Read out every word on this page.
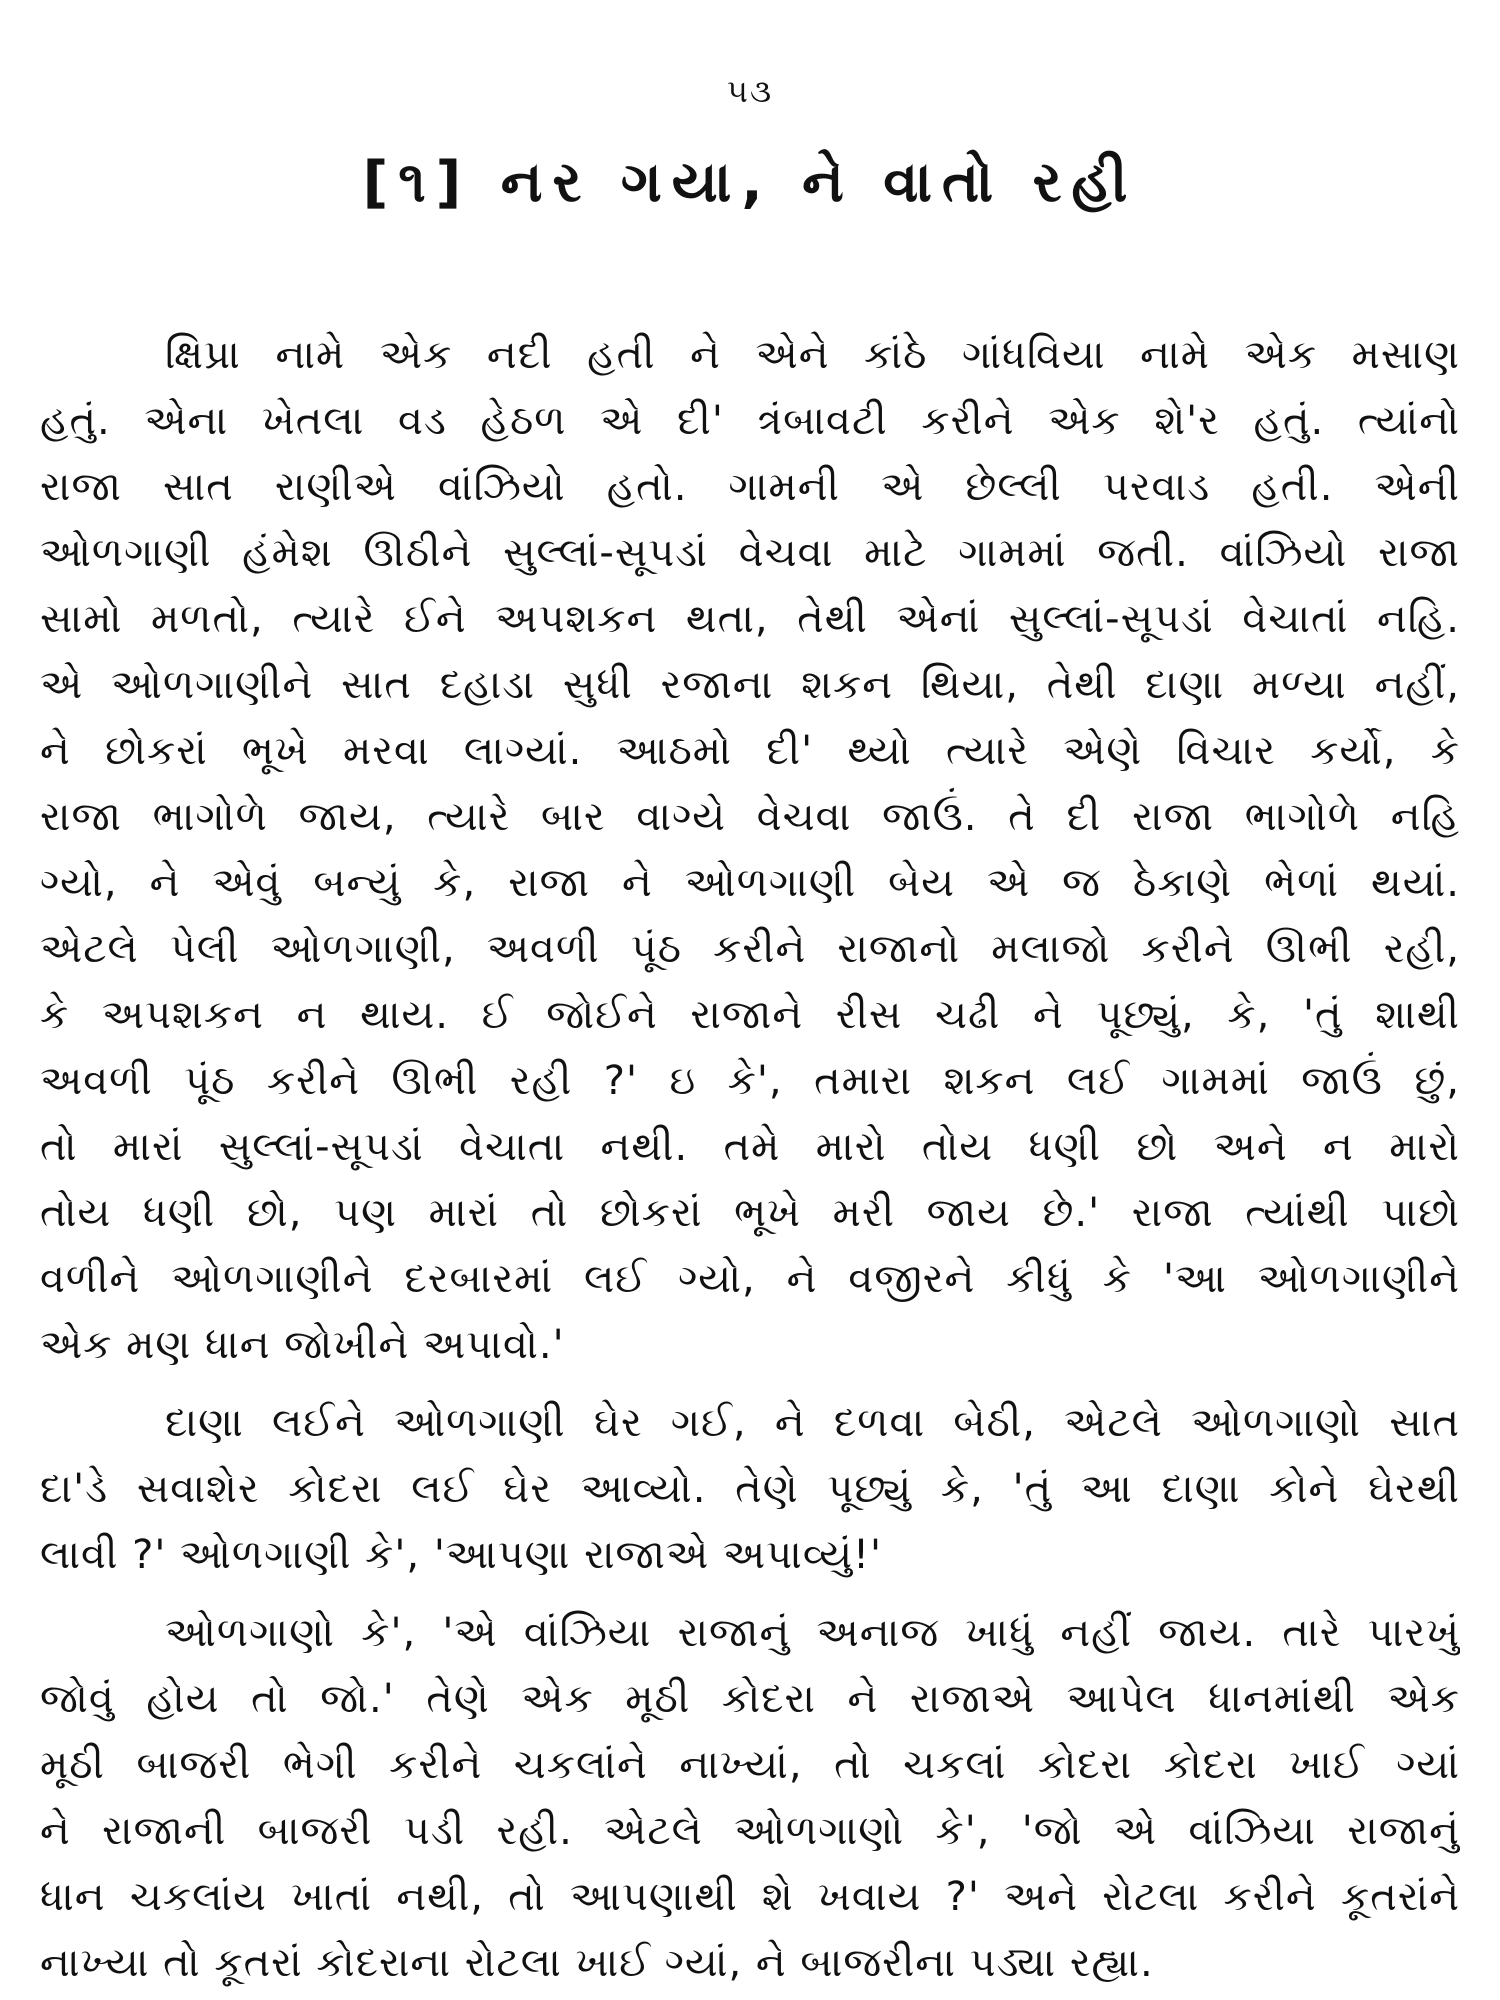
૫૩
[૧] નર ગયા, ને વાતો રહી
ક્ષિપ્રા નામે એક નદી હતી ને એને કાંઠે ગાંધવિયા નામે એક મસાણ
હતું. એના ખેતલા વડ હેઠળ એ દી' ત્રંબાવટી કરીને એક શે'ર હતું. ત્યાંનો
રાજા સાત રાણીએ વાંઝિયો હતો. ગામની એ છેલ્લી પરવાડ હતી. એની
ઓળગાણી હંમેશ ઊઠીને સુલ્લાં-સૂપડાં વેચવા માટે ગામમાં જતી. વાંઝિયો રાજા
સામો મળતો, ત્યારે ઈને અપશકન થતા, તેથી એનાં સુલ્લાં-સૂપડાં વેચાતાં નહિ.
એ ઓળગાણીને સાત દહાડા સુધી રજાના શકન થિયા, તેથી દાણા મળ્યા નહીં,
ને છોકરાં ભૂખે મરવા લાગ્યાં. આઠમો દી' થ્યો ત્યારે એણે વિચાર કર્યો, કે
રાજા ભાગોળે જાય, ત્યારે બાર વાગ્યે વેચવા જાઉં. તે દી રાજા ભાગોળે નહિ
ગ્યો, ને એવું બન્યું કે, રાજા ને ઓળગાણી બેય એ જ ઠેકાણે ભેળાં થયાં.
એટલે પેલી ઓળગાણી, અવળી પૂંઠ કરીને રાજાનો મલાજો કરીને ઊભી રહી,
કે અપશકન ન થાય. ઈ જોઈને રાજાને રીસ ચઢી ને પૂછ્યું, કે, 'તું શાથી
અવળી પૂંઠ કરીને ઊભી રહી ?' ઇ કે', તમારા શકન લઈ ગામમાં જાઉં છું,
તો મારાં સુલ્લાં-સૂપડાં વેચાતા નથી. તમે મારો તોય ધણી છો અને ન મારો
તોય ધણી છો, પણ મારાં તો છોકરાં ભૂખે મરી જાય છે.' રાજા ત્યાંથી પાછો
વળીને ઓળગાણીને દરબારમાં લઈ ગ્યો, ને વજીરને કીધું કે 'આ ઓળગાણીને
એક મણ ધાન જોખીને અપાવો.'
દાણા લઈને ઓળગાણી ઘેર ગઈ, ને દળવા બેઠી, એટલે ઓળગાણો સાત
દા'ડે સવાશેર કોદરા લઈ ઘેર આવ્યો. તેણે પૂછ્યું કે, 'તું આ દાણા કોને ઘેરથી
લાવી ?' ઓળગાણી કે', 'આપણા રાજાએ અપાવ્યું!'
ઓળગાણો કે', 'એ વાંઝિયા રાજાનું અનાજ ખાધું નહીં જાય. તારે પારખું
જોવું હોય તો જો.' તેણે એક મૂઠી કોદરા ને રાજાએ આપેલ ધાનમાંથી એક
મૂઠી બાજરી ભેગી કરીને ચકલાંને નાખ્યાં, તો ચકલાં કોદરા કોદરા ખાઈ ગ્યાં
ને રાજાની બાજરી પડી રહી. એટલે ઓળગાણો કે', 'જો એ વાંઝિયા રાજાનું
ધાન ચકલાંય ખાતાં નથી, તો આપણાથી શે ખવાય ?' અને રોટલા કરીને કૂતરાંને
નાખ્યા તો કૂતરાં કોદરાના રોટલા ખાઈ ગ્યાં, ને બાજરીના પડ્યા રહ્યા.
